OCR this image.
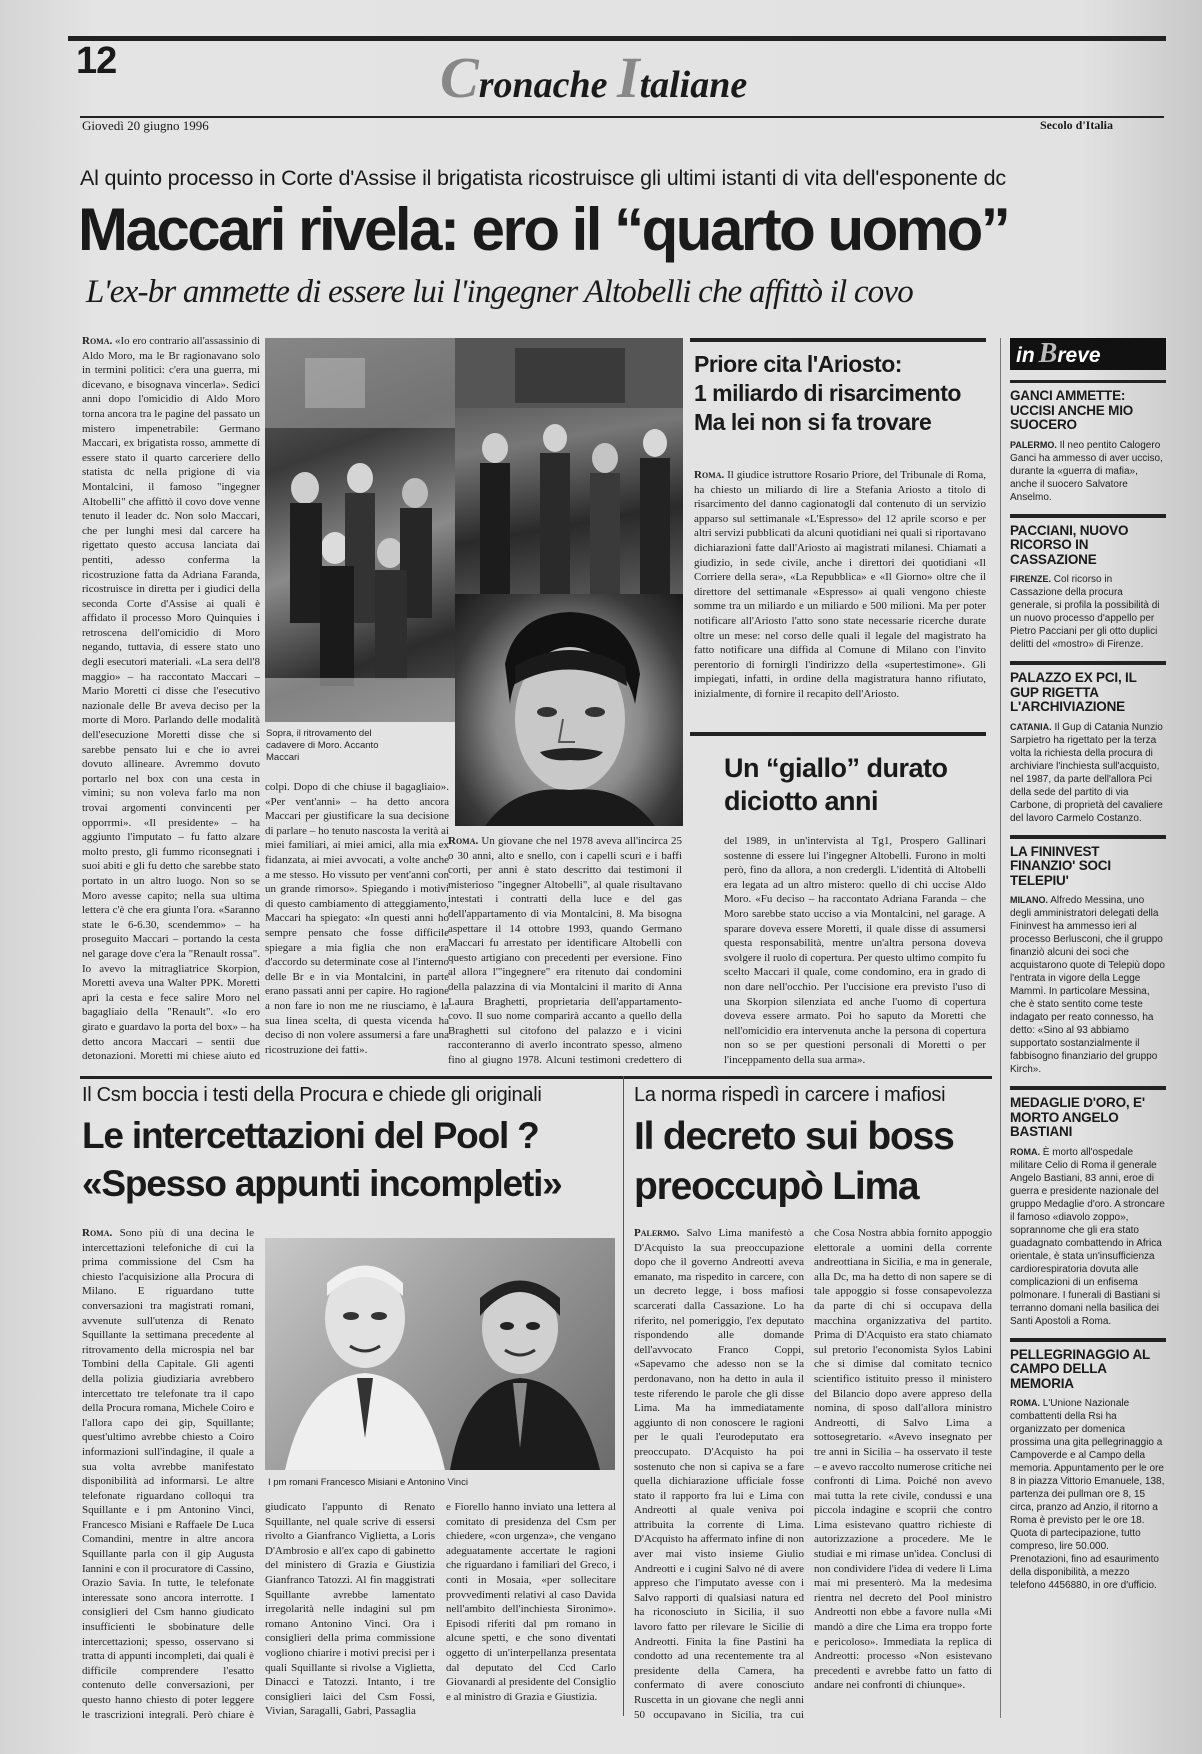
12	Cronache Italiane
Giovedì 20 giugno 1996	Secolo d'Italia
Al quinto processo in Corte d'Assise il brigatista ricostruisce gli ultimi istanti di vita dell'esponente dc
Maccari rivela: ero il “quarto uomo”
L'ex-br ammette di essere lui l'ingegner Altobelli che affittò il covo
Roma. «Io ero contrario all'assassinio di Aldo Moro, ma le Br ragionavano solo in termini politici: c'era una guerra, mi dicevano, e bisognava vincerla». Sedici anni dopo l'omicidio di Aldo Moro torna ancora tra le pagine del passato un mistero impenetrabile: Germano Maccari, ex brigatista rosso, ammette di essere stato il quarto carceriere dello statista dc nella prigione di via Montalcini, il famoso "ingegner Altobelli" che affittò il covo dove venne tenuto il leader dc. Non solo Maccari, che per lunghi mesi dal carcere ha rigettato questo accusa lanciata dai pentiti, adesso conferma la ricostruzione fatta da Adriana Faranda, ricostruisce in diretta per i giudici della seconda Corte d'Assise ai quali è affidato il processo Moro Quinquies i retroscena dell'omicidio di Moro negando, tuttavia, di essere stato uno degli esecutori materiali. «La sera dell'8 maggio» – ha raccontato Maccari – Mario Moretti ci disse che l'esecutivo nazionale delle Br aveva deciso per la morte di Moro. Parlando delle modalità dell'esecuzione Moretti disse che si sarebbe pensato lui e che io avrei dovuto allineare. Avremmo dovuto portarlo nel box con una cesta in vimini; su non voleva farlo ma non trovai argomenti convincenti per opporrmi». «Il presidente» – ha aggiunto l'imputato – fu fatto alzare molto presto, gli fummo riconsegnati i suoi abiti e gli fu detto che sarebbe stato portato in un altro luogo. Non so se Moro avesse capito; nella sua ultima lettera c'è che era giunta l'ora. «Saranno state le 6-6.30, scendemmo» – ha proseguito Maccari – portando la cesta nel garage dove c'era la "Renault rossa". Io avevo la mitragliatrice Skorpion, Moretti aveva una Walter PPK. Moretti aprì la cesta e fece salire Moro nel bagagliaio della "Renault". «Io ero girato e guardavo la porta del box» – ha detto ancora Maccari – sentii due detonazioni. Moretti mi chiese aiuto ed
Sopra, il ritrovamento del cadavere di Moro. Accanto Maccari
colpi. Dopo di che chiuse il bagagliaio». «Per vent'anni» – ha detto ancora Maccari per giustificare la sua decisione di parlare – ho tenuto nascosta la verità ai miei familiari, ai miei amici, alla mia ex fidanzata, ai miei avvocati, a volte anche a me stesso. Ho vissuto per vent'anni con un grande rimorso». Spiegando i motivi di questo cambiamento di atteggiamento, Maccari ha spiegato: «In questi anni ho sempre pensato che fosse difficile spiegare a mia figlia che non era d'accordo su determinate cose al l'interno delle Br e in via Montalcini, in parte erano passati anni per capire. Ho ragione a non fare io non me ne riusciamo, è la sua linea scelta, di questa vicenda ha deciso di non volere assumersi a fare una ricostruzione dei fatti».
Priore cita l'Ariosto:
1 miliardo di risarcimento
Ma lei non si fa trovare
Roma. Il giudice istruttore Rosario Priore, del Tribunale di Roma, ha chiesto un miliardo di lire a Stefania Ariosto a titolo di risarcimento del danno cagionatogli dal contenuto di un servizio apparso sul settimanale «L'Espresso» del 12 aprile scorso e per altri servizi pubblicati da alcuni quotidiani nei quali si riportavano dichiarazioni fatte dall'Ariosto ai magistrati milanesi. Chiamati a giudizio, in sede civile, anche i direttori dei quotidiani «Il Corriere della sera», «La Repubblica» e «Il Giorno» oltre che il direttore del settimanale «Espresso» ai quali vengono chieste somme tra un miliardo e un miliardo e 500 milioni. Ma per poter notificare all'Ariosto l'atto sono state necessarie ricerche durate oltre un mese: nel corso delle quali il legale del magistrato ha fatto notificare una diffida al Comune di Milano con l'invito perentorio di fornirgli l'indirizzo della «supertestimone». Gli impiegati, infatti, in ordine della magistratura hanno rifiutato, inizialmente, di fornire il recapito dell'Ariosto.
Un “giallo” durato
diciotto anni
Roma. Un giovane che nel 1978 aveva all'incirca 25 o 30 anni, alto e snello, con i capelli scuri e i baffi corti, per anni è stato descritto dai testimoni il misterioso "ingegner Altobelli", al quale risultavano intestati i contratti della luce e del gas dell'appartamento di via Montalcini, 8. Ma bisogna aspettare il 14 ottobre 1993, quando Germano Maccari fu arrestato per identificare Altobelli con questo artigiano con precedenti per eversione. Fino al allora l'"ingegnere" era ritenuto dai condomini della palazzina di via Montalcini il marito di Anna Laura Braghetti, proprietaria dell'appartamento-covo. Il suo nome comparirà accanto a quello della Braghetti sul citofono del palazzo e i vicini racconteranno di averlo incontrato spesso, almeno fino al giugno 1978. Alcuni testimoni credettero di
del 1989, in un'intervista al Tg1, Prospero Gallinari sostenne di essere lui l'ingegner Altobelli. Furono in molti però, fino da allora, a non credergli. L'identità di Altobelli era legata ad un altro mistero: quello di chi uccise Aldo Moro. «Fu deciso – ha raccontato Adriana Faranda – che Moro sarebbe stato ucciso a via Montalcini, nel garage. A sparare doveva essere Moretti, il quale disse di assumersi questa responsabilità, mentre un'altra persona doveva svolgere il ruolo di copertura. Per questo ultimo compito fu scelto Maccari il quale, come condomino, era in grado di non dare nell'occhio. Per l'uccisione era previsto l'uso di una Skorpion silenziata ed anche l'uomo di copertura doveva essere armato. Poi ho saputo da Moretti che nell'omicidio era intervenuta anche la persona di copertura non so se per questioni personali di Moretti o per l'inceppamento della sua arma».
in Breve
GANCI AMMETTE: UCCISI ANCHE MIO SUOCERO
PALERMO. Il neo pentito Calogero Ganci ha ammesso di aver ucciso, durante la «guerra di mafia», anche il suocero Salvatore Anselmo.
PACCIANI, NUOVO RICORSO IN CASSAZIONE
FIRENZE. Col ricorso in Cassazione della procura generale, si profila la possibilità di un nuovo processo d'appello per Pietro Pacciani per gli otto duplici delitti del «mostro» di Firenze.
PALAZZO EX PCI, IL GUP RIGETTA L'ARCHIVIAZIONE
CATANIA. Il Gup di Catania Nunzio Sarpietro ha rigettato per la terza volta la richiesta della procura di archiviare l'inchiesta sull'acquisto, nel 1987, da parte dell'allora Pci della sede del partito di via Carbone, di proprietà del cavaliere del lavoro Carmelo Costanzo.
LA FININVEST FINANZIO' SOCI TELEPIU'
MILANO. Alfredo Messina, uno degli amministratori delegati della Fininvest ha ammesso ieri al processo Berlusconi, che il gruppo finanziò alcuni dei soci che acquistarono quote di Telepiù dopo l'entrata in vigore della Legge Mammì. In particolare Messina, che è stato sentito come teste indagato per reato connesso, ha detto: «Sino al 93 abbiamo supportato sostanzialmente il fabbisogno finanziario del gruppo Kirch».
MEDAGLIE D'ORO, E' MORTO ANGELO BASTIANI
ROMA. È morto all'ospedale militare Celio di Roma il generale Angelo Bastiani, 83 anni, eroe di guerra e presidente nazionale del gruppo Medaglie d'oro. A stroncare il famoso «diavolo zoppo», soprannome che gli era stato guadagnato combattendo in Africa orientale, è stata un'insufficienza cardiorespiratoria dovuta alle complicazioni di un enfisema polmonare. I funerali di Bastiani si terranno domani nella basilica dei Santi Apostoli a Roma.
PELLEGRINAGGIO AL CAMPO DELLA MEMORIA
ROMA. L'Unione Nazionale combattenti della Rsi ha organizzato per domenica prossima una gita pellegrinaggio a Campoverde e al Campo della memoria. Appuntamento per le ore 8 in piazza Vittorio Emanuele, 138, partenza dei pullman ore 8, 15 circa, pranzo ad Anzio, il ritorno a Roma è previsto per le ore 18. Quota di partecipazione, tutto compreso, lire 50.000. Prenotazioni, fino ad esaurimento della disponibilità, a mezzo telefono 4456880, in ore d'ufficio.
Il Csm boccia i testi della Procura e chiede gli originali
Le intercettazioni del Pool ?
«Spesso appunti incompleti»
Roma. Sono più di una decina le intercettazioni telefoniche di cui la prima commissione del Csm ha chiesto l'acquisizione alla Procura di Milano. E riguardano tutte conversazioni tra magistrati romani, avvenute sull'utenza di Renato Squillante la settimana precedente al ritrovamento della microspia nel bar Tombini della Capitale. Gli agenti della polizia giudiziaria avrebbero intercettato tre telefonate tra il capo della Procura romana, Michele Coiro e l'allora capo dei gip, Squillante; quest'ultimo avrebbe chiesto a Coiro informazioni sull'indagine, il quale a sua volta avrebbe manifestato disponibilità ad informarsi. Le altre telefonate riguardano colloqui tra Squillante e i pm Antonino Vinci, Francesco Misiani e Raffaele De Luca Comandini, mentre in altre ancora Squillante parla con il gip Augusta Iannini e con il procuratore di Cassino, Orazio Savia. In tutte, le telefonate interessate sono ancora interrotte. I consiglieri del Csm hanno giudicato insufficienti le sbobinature delle intercettazioni; spesso, osservano si tratta di appunti incompleti, dai quali è difficile comprendere l'esatto contenuto delle conversazioni, per questo hanno chiesto di poter leggere le trascrizioni integrali. Però chiare è
I pm romani Francesco Misiani e Antonino Vinci
giudicato l'appunto di Renato Squillante, nel quale scrive di essersi rivolto a Gianfranco Viglietta, a Loris D'Ambrosio e all'ex capo di gabinetto del ministero di Grazia e Giustizia Gianfranco Tatozzi. Al fin maggistrati Squillante avrebbe lamentato irregolarità nelle indagini sul pm romano Antonino Vinci. Ora i consiglieri della prima commissione vogliono chiarire i motivi precisi per i quali Squillante si rivolse a Viglietta, Dinacci e Tatozzi. Intanto, i tre consiglieri laici del Csm Fossi, Vivian, Saragalli, Gabri, Passaglia
e Fiorello hanno inviato una lettera al comitato di presidenza del Csm per chiedere, «con urgenza», che vengano adeguatamente accertate le ragioni che riguardano i familiari del Greco, i conti in Mosaia, «per sollecitare provvedimenti relativi al caso Davida nell'ambito dell'inchiesta Sironimo». Episodi riferiti dal pm romano in alcune spetti, e che sono diventati oggetto di un'interpellanza presentata dal deputato del Ccd Carlo Giovanardi al presidente del Consiglio e al ministro di Grazia e Giustizia.
La norma rispedì in carcere i mafiosi
Il decreto sui boss
preoccupò Lima
Palermo. Salvo Lima manifestò a D'Acquisto la sua preoccupazione dopo che il governo Andreotti aveva emanato, ma rispedito in carcere, con un decreto legge, i boss mafiosi scarcerati dalla Cassazione. Lo ha riferito, nel pomeriggio, l'ex deputato rispondendo alle domande dell'avvocato Franco Coppi, «Sapevamo che adesso non se la perdonavano, non ha detto in aula il teste riferendo le parole che gli disse Lima. Ma ha immediatamente aggiunto di non conoscere le ragioni per le quali l'eurodeputato era preoccupato. D'Acquisto ha poi sostenuto che non si capiva se a fare quella dichiarazione ufficiale fosse stato il rapporto fra lui e Lima con Andreotti al quale veniva poi attribuita la corrente di Lima. D'Acquisto ha affermato infine di non aver mai visto insieme Giulio Andreotti e i cugini Salvo né di avere appreso che l'imputato avesse con i Salvo rapporti di qualsiasi natura ed ha riconosciuto in Sicilia, il suo lavoro fatto per rilevare le Sicilie di Andreotti. Finita la fine Pastini ha condotto ad una recentemente tra al presidente della Camera, ha confermato di avere conosciuto Ruscetta in un giovane che negli anni 50 occupavano in Sicilia, tra cui
che Cosa Nostra abbia fornito appoggio elettorale a uomini della corrente andreottiana in Sicilia, e ma in generale, alla Dc, ma ha detto di non sapere se di tale appoggio si fosse consapevolezza da parte di chi si occupava della macchina organizzativa del partito. Prima di D'Acquisto era stato chiamato sul pretorio l'economista Sylos Labini che si dimise dal comitato tecnico scientifico istituito presso il ministero del Bilancio dopo avere appreso della nomina, di sposo dall'allora ministro Andreotti, di Salvo Lima a sottosegretario. «Avevo insegnato per tre anni in Sicilia – ha osservato il teste – e avevo raccolto numerose critiche nei confronti di Lima. Poiché non avevo mai tutta la rete civile, condussi e una piccola indagine e scoprii che contro Lima esistevano quattro richieste di autorizzazione a procedere. Me le studiai e mi rimase un'idea. Conclusi di non condividere l'idea di vedere lì Lima mai mi presenterò. Ma la medesima rientra nel decreto del Pool ministro Andreotti non ebbe a favore nulla «Mi mandò a dire che Lima era troppo forte e pericoloso». Immediata la replica di Andreotti: processo «Non esistevano precedenti e avrebbe fatto un fatto di andare nei confronti di chiunque».
